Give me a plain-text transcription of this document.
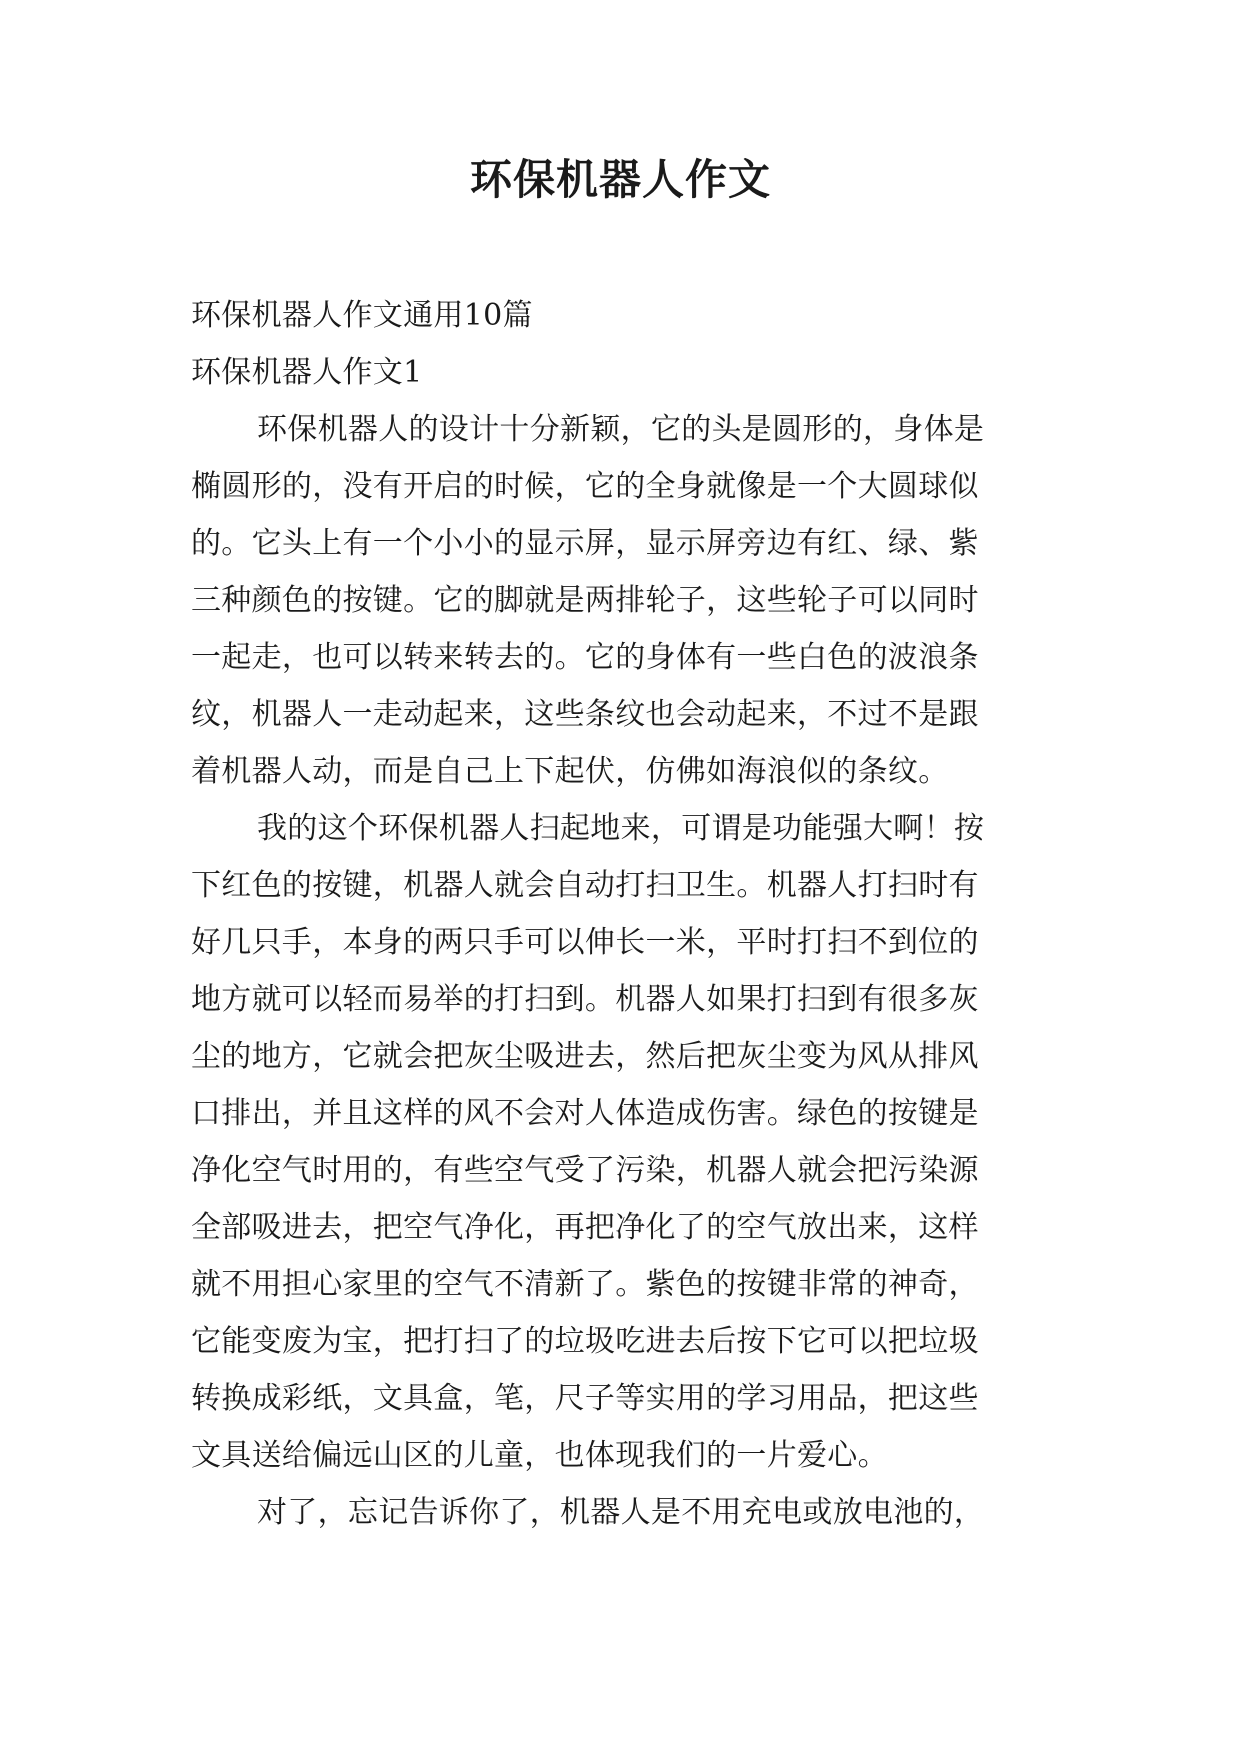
环保机器人作文
环保机器人作文通用10篇
环保机器人作文1
环保机器人的设计十分新颖，它的头是圆形的，身体是
椭圆形的，没有开启的时候，它的全身就像是一个大圆球似
的。它头上有一个小小的显示屏，显示屏旁边有红、绿、紫
三种颜色的按键。它的脚就是两排轮子，这些轮子可以同时
一起走，也可以转来转去的。它的身体有一些白色的波浪条
纹，机器人一走动起来，这些条纹也会动起来，不过不是跟
着机器人动，而是自己上下起伏，仿佛如海浪似的条纹。
我的这个环保机器人扫起地来，可谓是功能强大啊！按
下红色的按键，机器人就会自动打扫卫生。机器人打扫时有
好几只手，本身的两只手可以伸长一米，平时打扫不到位的
地方就可以轻而易举的打扫到。机器人如果打扫到有很多灰
尘的地方，它就会把灰尘吸进去，然后把灰尘变为风从排风
口排出，并且这样的风不会对人体造成伤害。绿色的按键是
净化空气时用的，有些空气受了污染，机器人就会把污染源
全部吸进去，把空气净化，再把净化了的空气放出来，这样
就不用担心家里的空气不清新了。紫色的按键非常的神奇，
它能变废为宝，把打扫了的垃圾吃进去后按下它可以把垃圾
转换成彩纸，文具盒，笔，尺子等实用的学习用品，把这些
文具送给偏远山区的儿童，也体现我们的一片爱心。
对了，忘记告诉你了，机器人是不用充电或放电池的，
